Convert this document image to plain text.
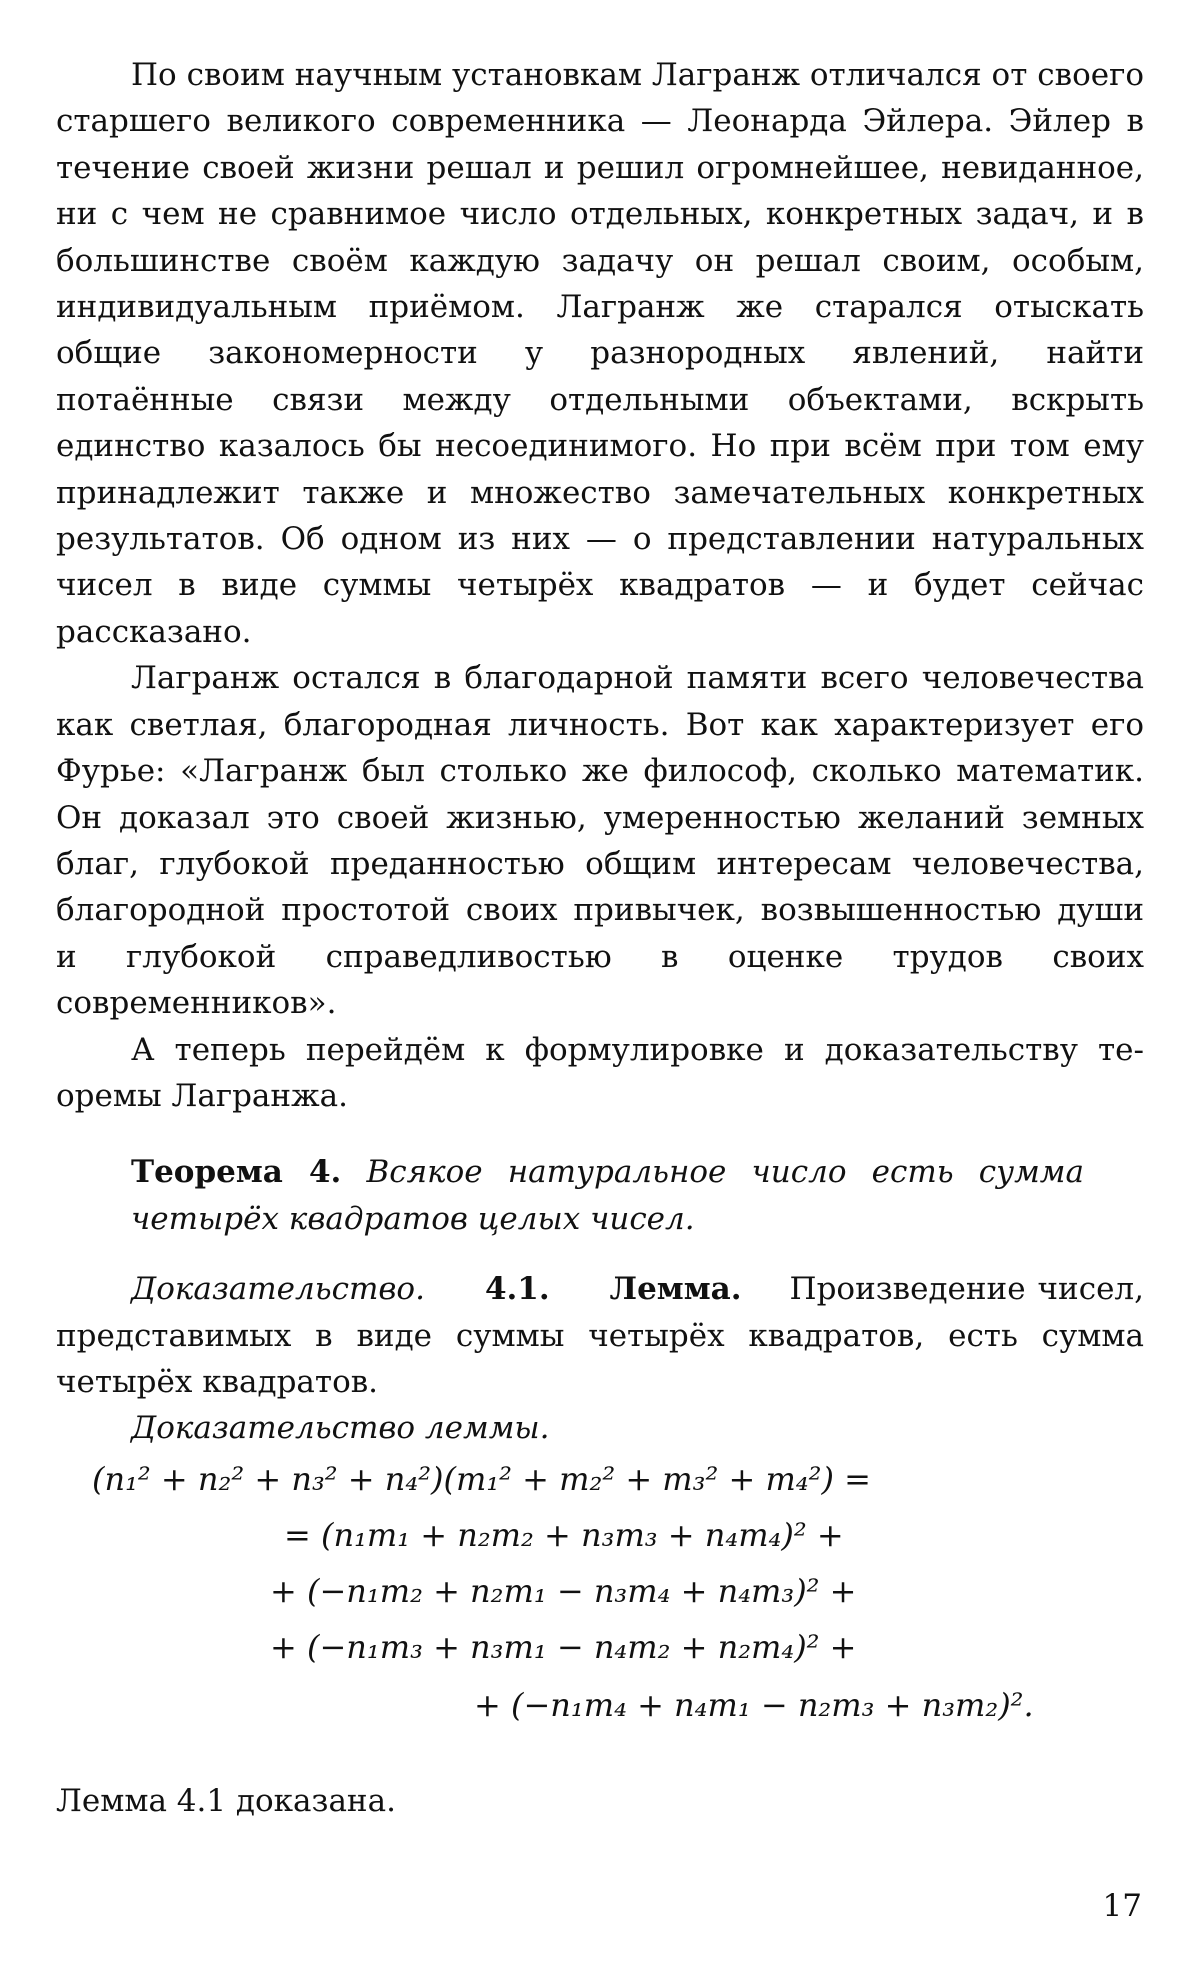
По своим научным установкам Лагранж отличался от своего старшего великого современника — Леонарда Эйлера. Эйлер в течение своей жизни решал и решил огромнейшее, невиданное, ни с чем не сравнимое число отдельных, конкретных задач, и в большинстве своём каждую задачу он решал своим, особым, индивидуальным приёмом. Лагранж же старался отыскать общие закономерности у разнородных явлений, найти потаённые связи между отдельными объектами, вскрыть единство казалось бы несоединимого. Но при всём при том ему принадлежит также и множество замечательных конкретных результатов. Об одном из них — о представлении натуральных чисел в виде суммы четырёх квадратов — и будет сейчас рассказано.

Лагранж остался в благодарной памяти всего человечества как светлая, благородная личность. Вот как характеризует его Фурье: «Лагранж был столько же философ, сколько математик. Он доказал это своей жизнью, умеренностью желаний земных благ, глубокой преданностью общим интересам человечества, благородной простотой своих привычек, возвышенностью души и глубокой справедливостью в оценке трудов своих современников».

А теперь перейдём к формулировке и доказательству теоремы Лагранжа.

Теорема 4. Всякое натуральное число есть сумма четырёх квадратов целых чисел.
Доказательство. 4.1. Лемма. Произведение чисел, представимых в виде суммы четырёх квадратов, есть сумма четырёх квадратов.

Доказательство леммы.

(n₁² + n₂² + n₃² + n₄²)(m₁² + m₂² + m₃² + m₄²) =
= (n₁m₁ + n₂m₂ + n₃m₃ + n₄m₄)² +
+ (−n₁m₂ + n₂m₁ − n₃m₄ + n₄m₃)² +
+ (−n₁m₃ + n₃m₁ − n₄m₂ + n₂m₄)² +
+ (−n₁m₄ + n₄m₁ − n₂m₃ + n₃m₂)².
Лемма 4.1 доказана.
17
